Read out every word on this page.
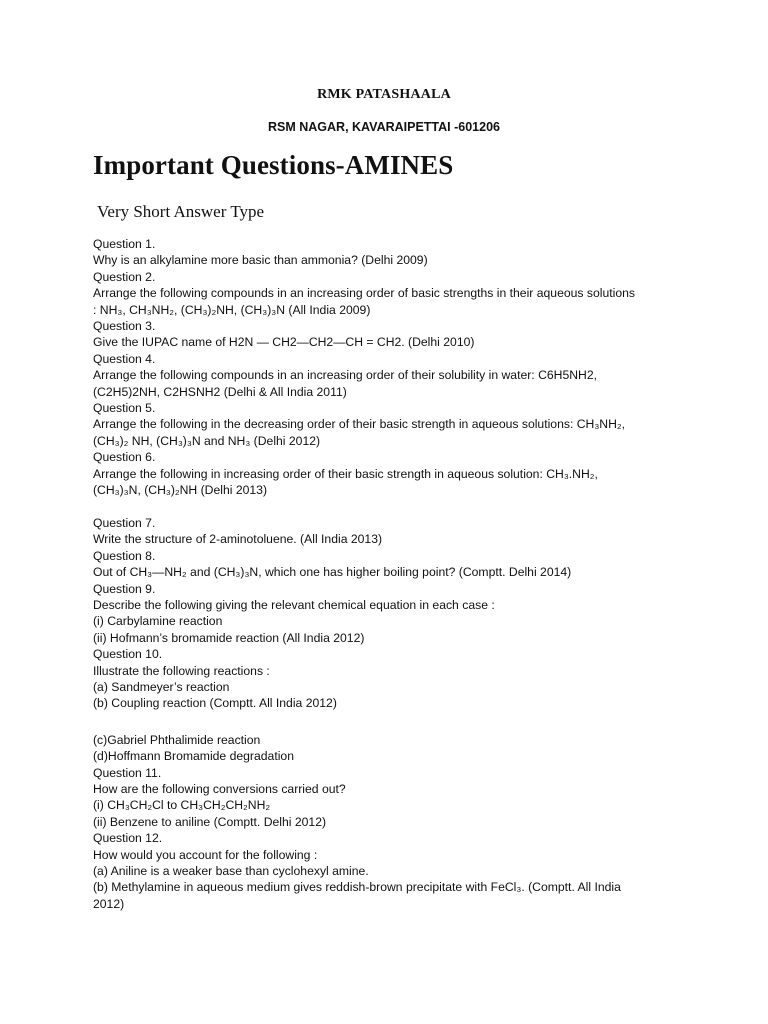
RMK PATASHAALA
RSM NAGAR, KAVARAIPETTAI -601206
Important Questions-AMINES
Very Short Answer Type
Question 1.
Why is an alkylamine more basic than ammonia? (Delhi 2009)
Question 2.
Arrange the following compounds in an increasing order of basic strengths in their aqueous solutions
: NH₃, CH₃NH₂, (CH₃)₂NH, (CH₃)₃N (All India 2009)
Question 3.
Give the IUPAC name of H2N — CH2—CH2—CH = CH2. (Delhi 2010)
Question 4.
Arrange the following compounds in an increasing order of their solubility in water: C6H5NH2,
(C2H5)2NH, C2HSNH2 (Delhi & All India 2011)
Question 5.
Arrange the following in the decreasing order of their basic strength in aqueous solutions: CH₃NH₂,
(CH₃)₂ NH, (CH₃)₃N and NH₃ (Delhi 2012)
Question 6.
Arrange the following in increasing order of their basic strength in aqueous solution: CH₃.NH₂,
(CH₃)₃N, (CH₃)₂NH (Delhi 2013)
Question 7.
Write the structure of 2-aminotoluene. (All India 2013)
Question 8.
Out of CH₃—NH₂ and (CH₃)₃N, which one has higher boiling point? (Comptt. Delhi 2014)
Question 9.
Describe the following giving the relevant chemical equation in each case :
(i) Carbylamine reaction
(ii) Hofmann’s bromamide reaction (All India 2012)
Question 10.
Illustrate the following reactions :
(a) Sandmeyer’s reaction
(b) Coupling reaction (Comptt. All India 2012)
(c)Gabriel Phthalimide reaction
(d)Hoffmann Bromamide degradation
Question 11.
How are the following conversions carried out?
(i) CH₃CH₂Cl to CH₃CH₂CH₂NH₂
(ii) Benzene to aniline (Comptt. Delhi 2012)
Question 12.
How would you account for the following :
(a) Aniline is a weaker base than cyclohexyl amine.
(b) Methylamine in aqueous medium gives reddish-brown precipitate with FeCl₃. (Comptt. All India
2012)
